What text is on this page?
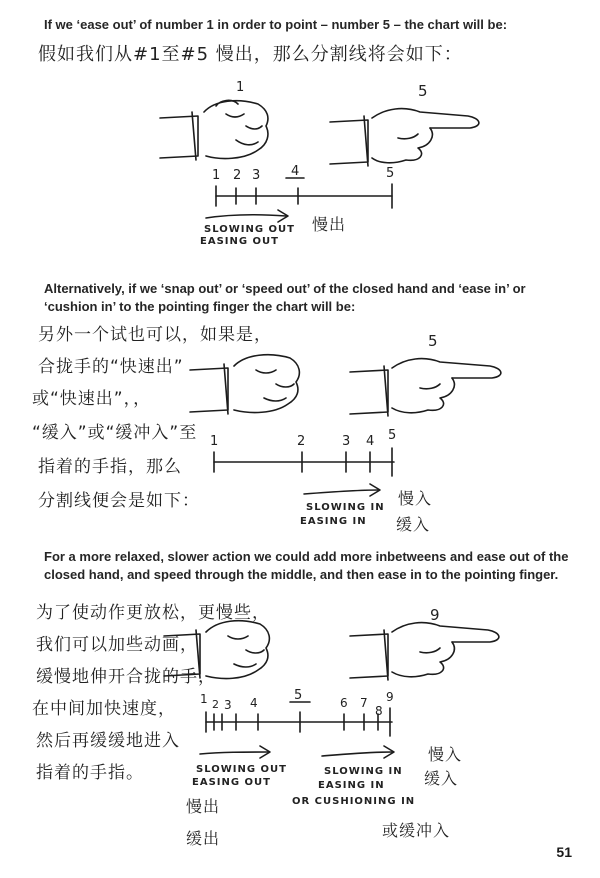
If we ‘ease out’ of number 1 in order to point – number 5 – the chart will be:
假如我们从#1至#5 慢出，那么分割线将会如下：
1	5
1 2 3 4	5
SLOWING OUT
EASING OUT
慢出
Alternatively, if we ‘snap out’ or ‘speed out’ of the closed hand and ‘ease in’ or ‘cushion in’ to the pointing finger the chart will be:
另外一个试也可以，如果是，
合拢手的“快速出”
或“快速出”，，
“缓入”或“缓冲入”至
指着的手指，那么
分割线便会是如下：
5
1	2	3 4 5
SLOWING IN
EASING IN
慢入
缓入
For a more relaxed, slower action we could add more inbetweens and ease out of the closed hand, and speed through the middle, and then ease in to the pointing finger.
为了使动作更放松，更慢些，
我们可以加些动画，
缓慢地伸开合拢的手，
在中间加快速度，
然后再缓缓地进入
指着的手指。
9
1 2 3 4	5	6 7
8
9
SLOWING OUT
EASING OUT
慢出
缓出
SLOWING IN
EASING IN
OR CUSHIONING IN
慢入
缓入
或缓冲入
51
